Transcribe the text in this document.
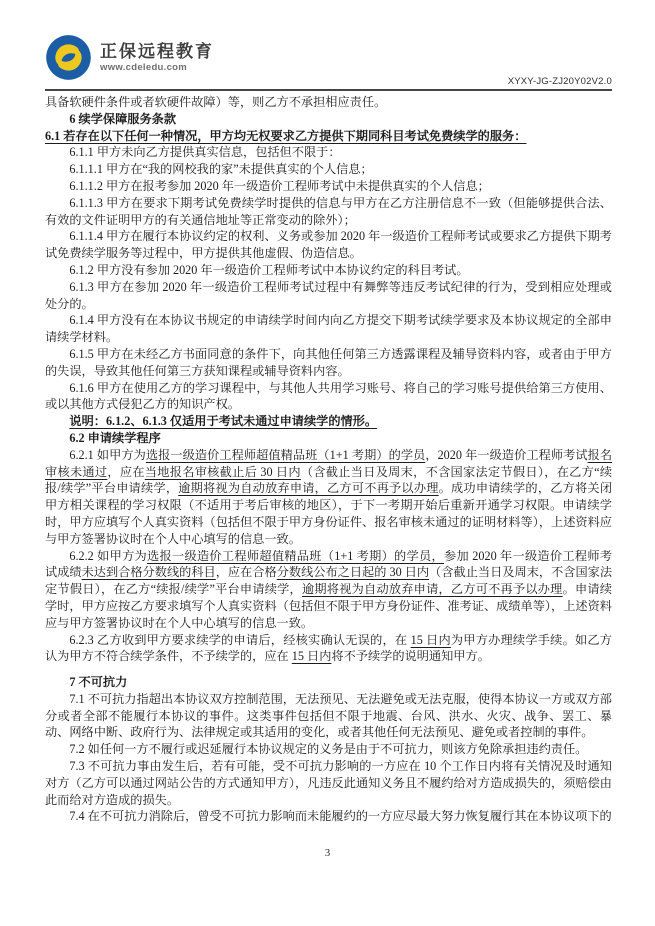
正保远程教育
www.cdeledu.com
XYXY-JG-ZJ20Y02V2.0

具备软硬件条件或者软硬件故障）等，则乙方不承担相应责任。

6 续学保障服务条款

6.1 若存在以下任何一种情况，甲方均无权要求乙方提供下期同科目考试免费续学的服务：

6.1.1 甲方未向乙方提供真实信息，包括但不限于：

6.1.1.1 甲方在“我的网校我的家”未提供真实的个人信息；

6.1.1.2 甲方在报考参加 2020 年一级造价工程师考试中未提供真实的个人信息；

6.1.1.3 甲方在要求下期考试免费续学时提供的信息与甲方在乙方注册信息不一致（但能够提供合法、有效的文件证明甲方的有关通信地址等正常变动的除外）；

6.1.1.4 甲方在履行本协议约定的权利、义务或参加 2020 年一级造价工程师考试或要求乙方提供下期考试免费续学服务等过程中，甲方提供其他虚假、伪造信息。

6.1.2 甲方没有参加 2020 年一级造价工程师考试中本协议约定的科目考试。

6.1.3 甲方在参加 2020 年一级造价工程师考试过程中有舞弊等违反考试纪律的行为，受到相应处理或处分的。

6.1.4 甲方没有在本协议书规定的申请续学时间内向乙方提交下期考试续学要求及本协议规定的全部申请续学材料。

6.1.5 甲方在未经乙方书面同意的条件下，向其他任何第三方透露课程及辅导资料内容，或者由于甲方的失误，导致其他任何第三方获知课程或辅导资料内容。

6.1.6 甲方在使用乙方的学习课程中，与其他人共用学习账号、将自己的学习账号提供给第三方使用、或以其他方式侵犯乙方的知识产权。

说明：6.1.2、6.1.3 仅适用于考试未通过申请续学的情形。

6.2 申请续学程序

6.2.1 如甲方为选报一级造价工程师超值精品班（1+1 考期）的学员，2020 年一级造价工程师考试报名审核未通过，应在当地报名审核截止后 30 日内（含截止当日及周末，不含国家法定节假日），在乙方“续报/续学”平台申请续学，逾期将视为自动放弃申请，乙方可不再予以办理。成功申请续学的，乙方将关闭甲方相关课程的学习权限（不适用于考后审核的地区），于下一考期开始后重新开通学习权限。申请续学时，甲方应填写个人真实资料（包括但不限于甲方身份证件、报名审核未通过的证明材料等），上述资料应与甲方签署协议时在个人中心填写的信息一致。

6.2.2 如甲方为选报一级造价工程师超值精品班（1+1 考期）的学员，参加 2020 年一级造价工程师考试成绩未达到合格分数线的科目，应在合格分数线公布之日起的 30 日内（含截止当日及周末，不含国家法定节假日），在乙方“续报/续学”平台申请续学，逾期将视为自动放弃申请，乙方可不再予以办理。申请续学时，甲方应按乙方要求填写个人真实资料（包括但不限于甲方身份证件、准考证、成绩单等），上述资料应与甲方签署协议时在个人中心填写的信息一致。

6.2.3 乙方收到甲方要求续学的申请后，经核实确认无误的，在 15 日内为甲方办理续学手续。如乙方认为甲方不符合续学条件，不予续学的，应在 15 日内将不予续学的说明通知甲方。

7 不可抗力

7.1 不可抗力指超出本协议双方控制范围，无法预见、无法避免或无法克服，使得本协议一方或双方部分或者全部不能履行本协议的事件。这类事件包括但不限于地震、台风、洪水、火灾、战争、罢工、暴动、网络中断、政府行为、法律规定或其适用的变化，或者其他任何无法预见、避免或者控制的事件。

7.2 如任何一方不履行或迟延履行本协议规定的义务是由于不可抗力，则该方免除承担违约责任。

7.3 不可抗力事由发生后，若有可能，受不可抗力影响的一方应在 10 个工作日内将有关情况及时通知对方（乙方可以通过网站公告的方式通知甲方），凡违反此通知义务且不履约给对方造成损失的，须赔偿由此而给对方造成的损失。

7.4 在不可抗力消除后，曾受不可抗力影响而未能履约的一方应尽最大努力恢复履行其在本协议项下的

3
